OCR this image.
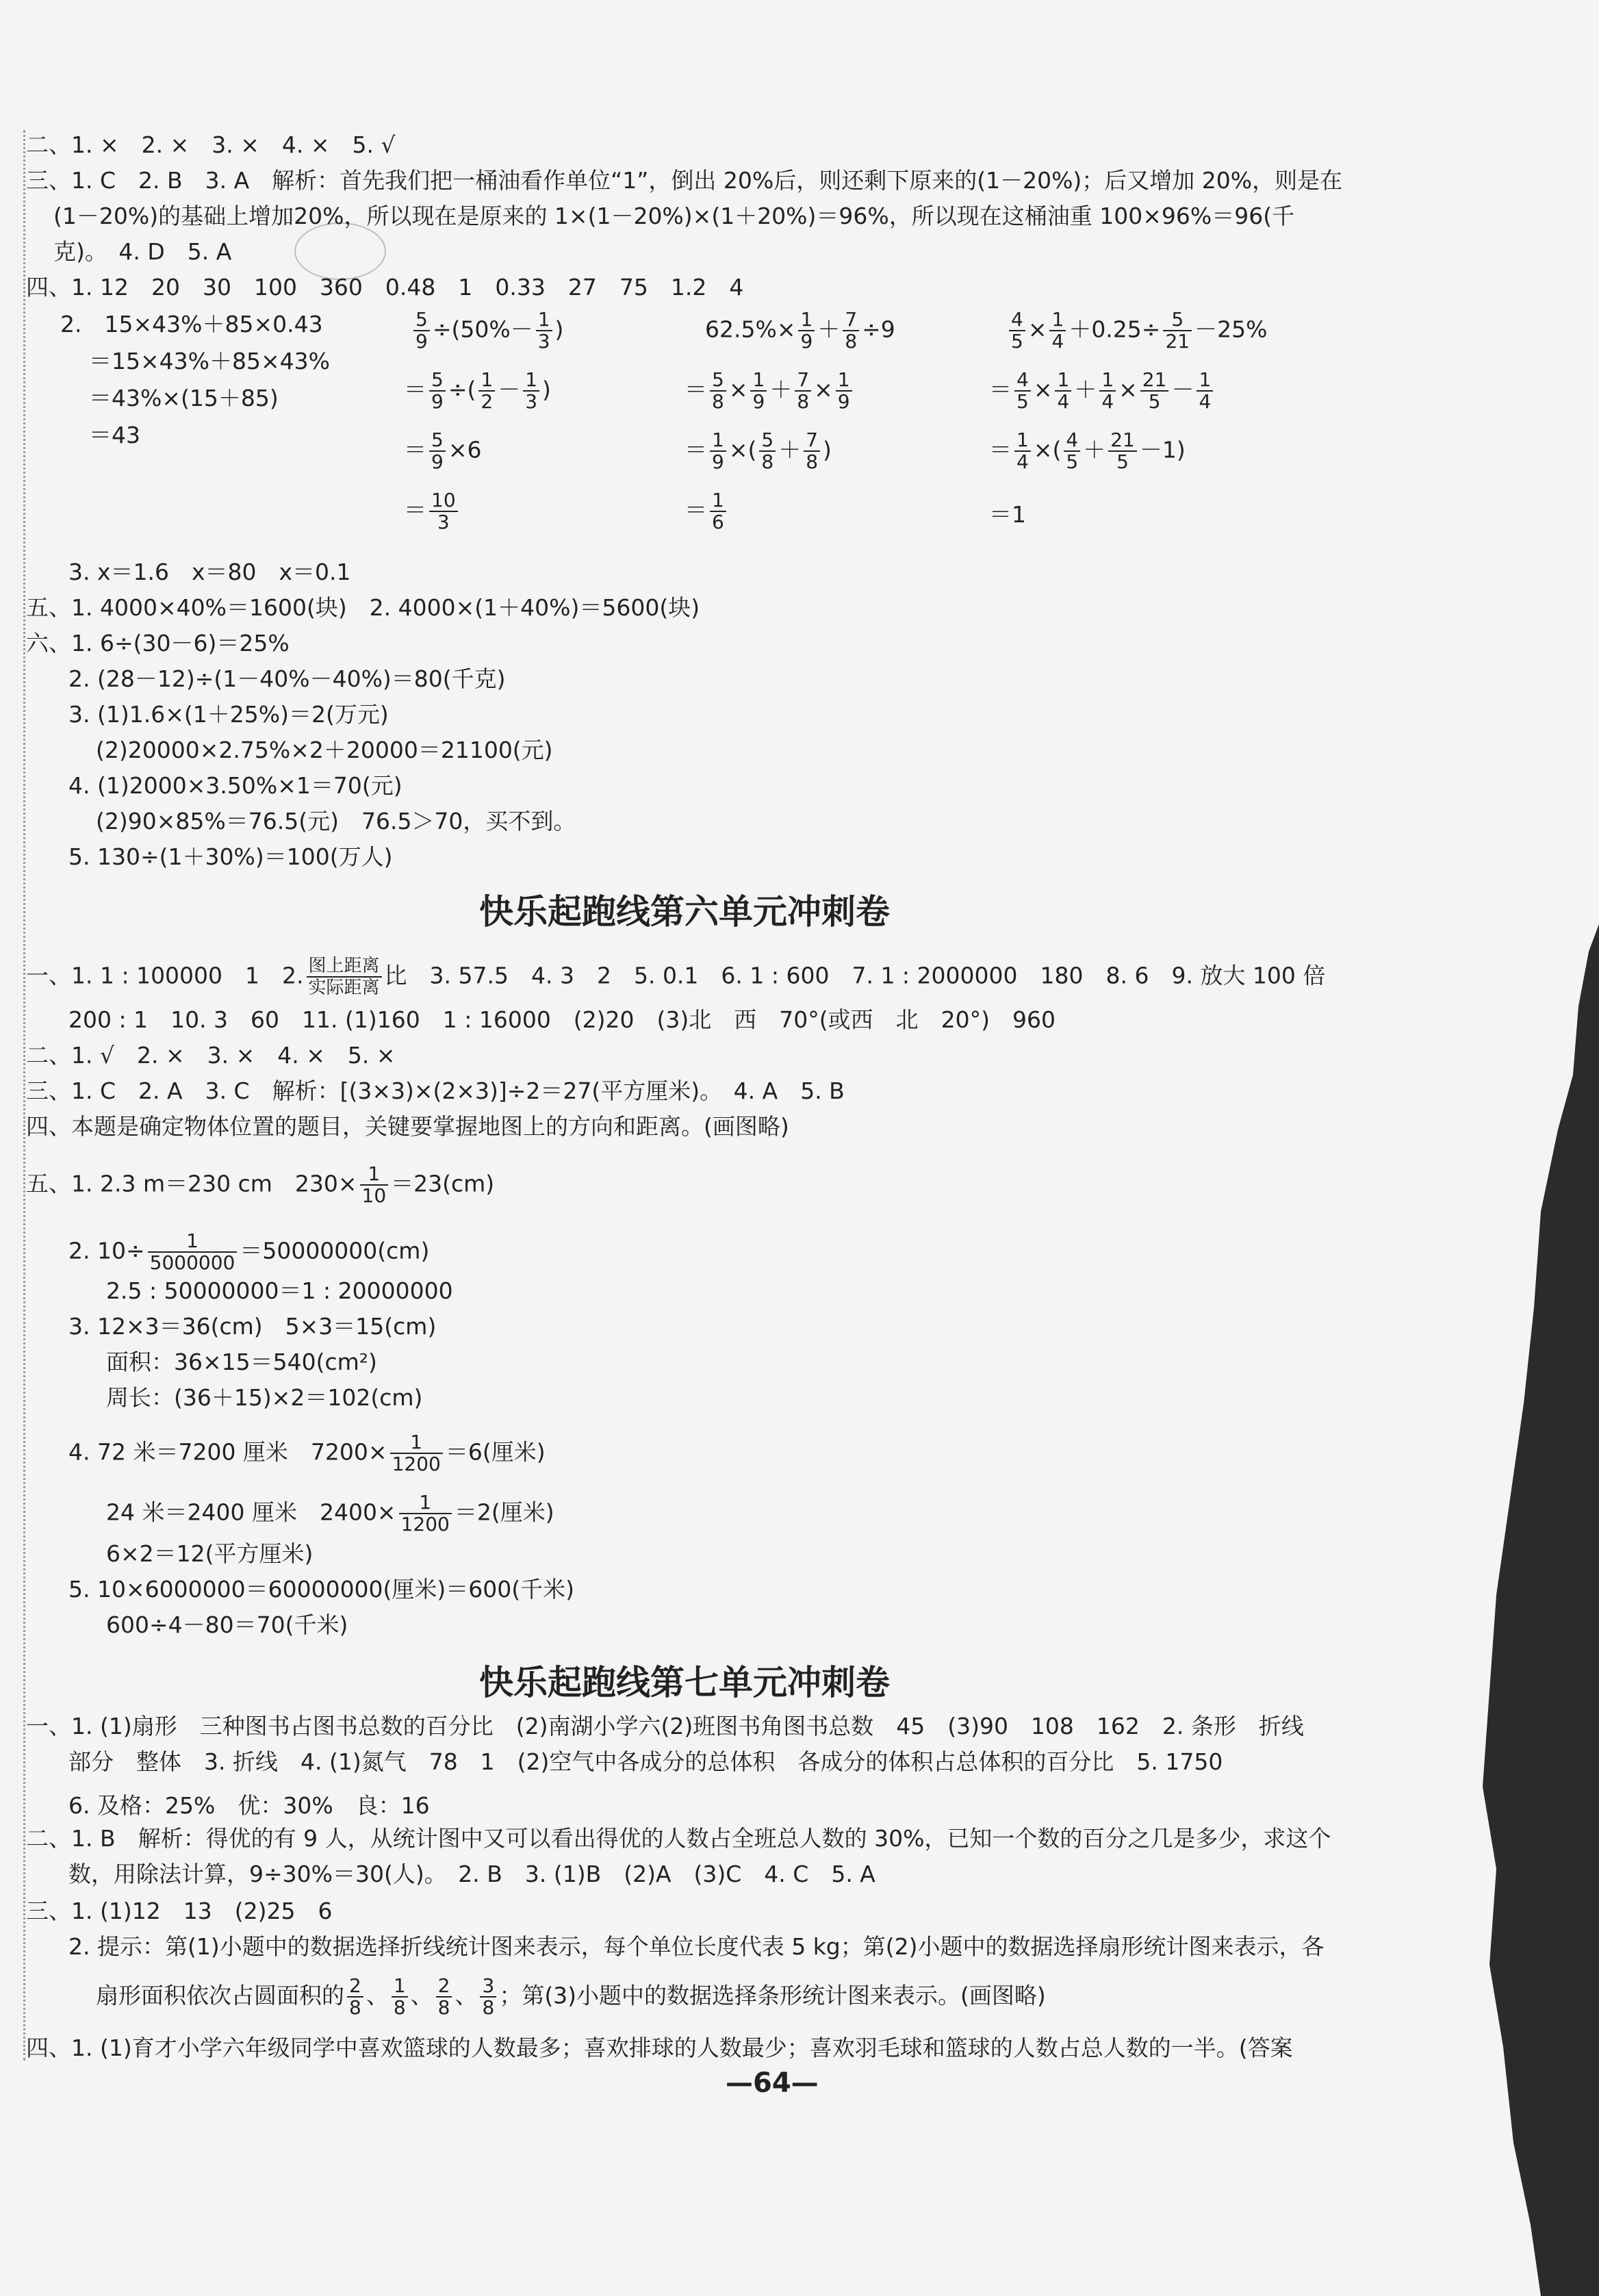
二、1. ×　2. ×　3. ×　4. ×　5. √
三、1. C　2. B　3. A　解析：首先我们把一桶油看作单位“1”，倒出 20%后，则还剩下原来的(1－20%)；后又增加 20%，则是在
(1－20%)的基础上增加20%，所以现在是原来的 1×(1－20%)×(1＋20%)＝96%，所以现在这桶油重 100×96%＝96(千
克)。　4. D　5. A
四、1. 12　20　30　100　360　0.48　1　0.33　27　75　1.2　4
2.　15×43%＋85×0.43
＝15×43%＋85×43%
＝43%×(15＋85)
＝43
$\frac{5}{9} \div(50\%- \frac{1}{3}$ )
＝ $\frac{5}{9}$ ÷( $\frac{1}{2} - \frac{1}{3}$ )
＝ $\frac{5}{9} \times 6$
＝ $\frac{10}{3}$
$62.5\%\times \frac{1}{9} + \frac{7}{8} \div 9$
＝ $\frac{5}{8} \times \frac{1}{9} + \frac{7}{8} \times \frac{1}{9}$
＝ $\frac{1}{9}$ ×( $\frac{5}{8} + \frac{7}{8}$ )
＝ $\frac{1}{6}$
$\frac{4}{5} \times \frac{1}{4} +0.25\div \frac{5}{21} -25\%$
＝ $\frac{4}{5} \times \frac{1}{4} + \frac{1}{4} \times \frac{21}{5} - \frac{1}{4}$
＝ $\frac{1}{4}$ ×( $\frac{4}{5} + \frac{21}{5} -1$)
＝1
3. x＝1.6　x＝80　x＝0.1
五、1. 4000×40%＝1600(块)　2. 4000×(1＋40%)＝5600(块)
六、1. 6÷(30－6)＝25%
2. (28－12)÷(1－40%－40%)＝80(千克)
3. (1)1.6×(1＋25%)＝2(万元)
(2)20000×2.75%×2＋20000＝21100(元)
4. (1)2000×3.50%×1＝70(元)
(2)90×85%＝76.5(元)　76.5＞70，买不到。
5. 130÷(1＋30%)＝100(万人)
快乐起跑线第六单元冲刺卷
一、1. 1 : 100000　1　2. $\frac{\text{图上距离}}{\text{实际距离}}$ 比　3. 57.5　4. 3　2　5. 0.1　6. 1 : 600　7. 1 : 2000000　180　8. 6　9. 放大 100 倍
200 : 1　10. 3　60　11. (1)160　1 : 16000　(2)20　(3)北　西　70°(或西　北　20°)　960
二、1. √　2. ×　3. ×　4. ×　5. ×
三、1. C　2. A　3. C　解析：[(3×3)×(2×3)]÷2＝27(平方厘米)。　4. A　5. B
四、本题是确定物体位置的题目，关键要掌握地图上的方向和距离。(画图略)
五、1. 2.3 m＝230 cm　$230\times \frac{1}{10} =23(cm)$
2. $10\div \frac{1}{5000000} =50000000(cm)$
2.5 : 50000000＝1 : 20000000
3. 12×3＝36(cm)　5×3＝15(cm)
面积：36×15＝540(cm²)
周长：(36＋15)×2＝102(cm)
4. 72 米＝7200 厘米　$7200\times \frac{1}{1200} =6$(厘米)
24 米＝2400 厘米　$2400\times \frac{1}{1200} =2$(厘米)
6×2＝12(平方厘米)
5. 10×6000000＝60000000(厘米)＝600(千米)
600÷4－80＝70(千米)
快乐起跑线第七单元冲刺卷
一、1. (1)扇形　三种图书占图书总数的百分比　(2)南湖小学六(2)班图书角图书总数　45　(3)90　108　162　2. 条形　折线
部分　整体　3. 折线　4. (1)氮气　78　1　(2)空气中各成分的总体积　各成分的体积占总体积的百分比　5. 1750
6. 及格：25%　优：30%　良：16
二、1. B　解析：得优的有 9 人，从统计图中又可以看出得优的人数占全班总人数的 30%，已知一个数的百分之几是多少，求这个
数，用除法计算，9÷30%＝30(人)。　2. B　3. (1)B　(2)A　(3)C　4. C　5. A
三、1. (1)12　13　(2)25　6
2. 提示：第(1)小题中的数据选择折线统计图来表示，每个单位长度代表 5 kg；第(2)小题中的数据选择扇形统计图来表示，各
扇形面积依次占圆面积的 $\frac{2}{8}$ 、 $\frac{1}{8}$ 、 $\frac{2}{8}$ 、 $\frac{3}{8}$ ；第(3)小题中的数据选择条形统计图来表示。(画图略)
四、1. (1)育才小学六年级同学中喜欢篮球的人数最多；喜欢排球的人数最少；喜欢羽毛球和篮球的人数占总人数的一半。(答案
—64—
